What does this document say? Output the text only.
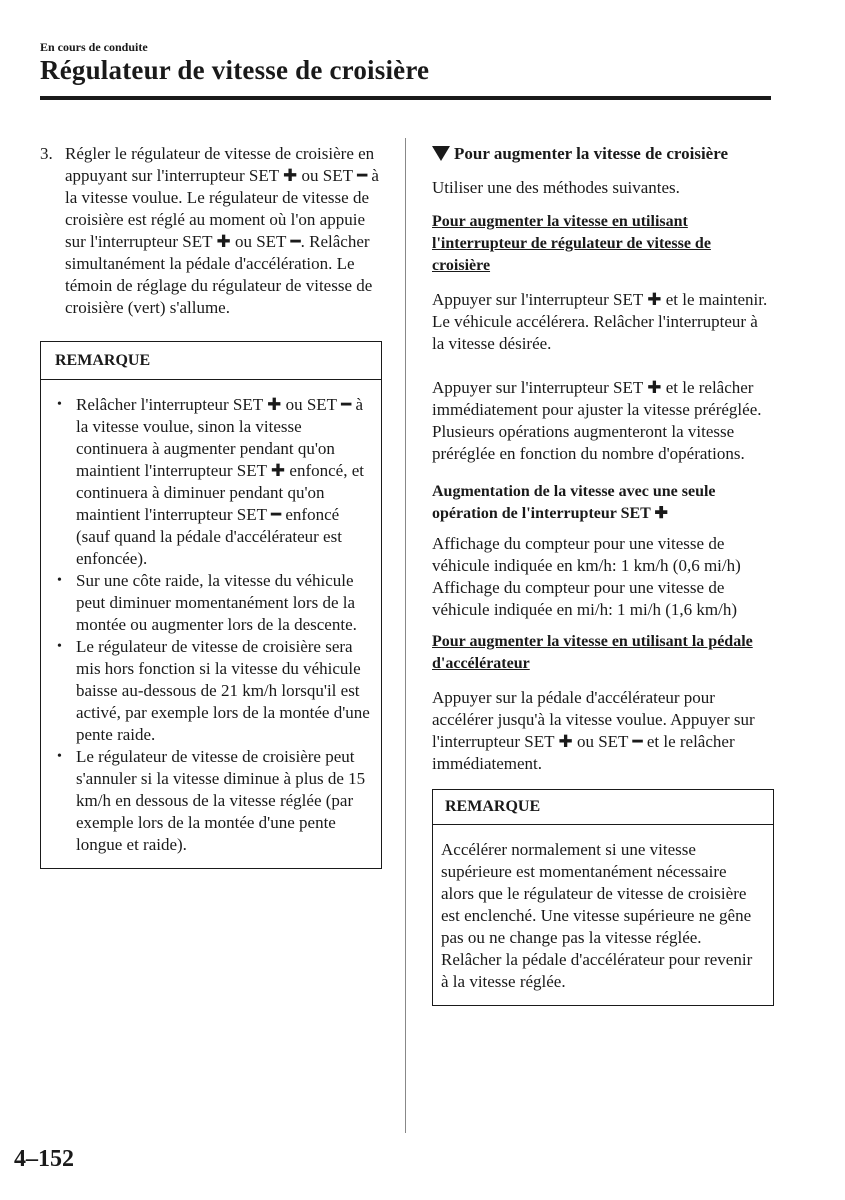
En cours de conduite
Régulateur de vitesse de croisière
3. Régler le régulateur de vitesse de croisière en appuyant sur l'interrupteur SET ✚ ou SET ━ à la vitesse voulue. Le régulateur de vitesse de croisière est réglé au moment où l'on appuie sur l'interrupteur SET ✚ ou SET ━. Relâcher simultanément la pédale d'accélération. Le témoin de réglage du régulateur de vitesse de croisière (vert) s'allume.

REMARQUE
• Relâcher l'interrupteur SET ✚ ou SET ━ à la vitesse voulue, sinon la vitesse continuera à augmenter pendant qu'on maintient l'interrupteur SET ✚ enfoncé, et continuera à diminuer pendant qu'on maintient l'interrupteur SET ━ enfoncé (sauf quand la pédale d'accélérateur est enfoncée).
• Sur une côte raide, la vitesse du véhicule peut diminuer momentanément lors de la montée ou augmenter lors de la descente.
• Le régulateur de vitesse de croisière sera mis hors fonction si la vitesse du véhicule baisse au-dessous de 21 km/h lorsqu'il est activé, par exemple lors de la montée d'une pente raide.
• Le régulateur de vitesse de croisière peut s'annuler si la vitesse diminue à plus de 15 km/h en dessous de la vitesse réglée (par exemple lors de la montée d'une pente longue et raide).
Pour augmenter la vitesse de croisière

Utiliser une des méthodes suivantes.

Pour augmenter la vitesse en utilisant l'interrupteur de régulateur de vitesse de croisière

Appuyer sur l'interrupteur SET ✚ et le maintenir. Le véhicule accélérera. Relâcher l'interrupteur à la vitesse désirée.

Appuyer sur l'interrupteur SET ✚ et le relâcher immédiatement pour ajuster la vitesse préréglée. Plusieurs opérations augmenteront la vitesse préréglée en fonction du nombre d'opérations.

Augmentation de la vitesse avec une seule opération de l'interrupteur SET ✚

Affichage du compteur pour une vitesse de véhicule indiquée en km/h: 1 km/h (0,6 mi/h)

Affichage du compteur pour une vitesse de véhicule indiquée en mi/h: 1 mi/h (1,6 km/h)

Pour augmenter la vitesse en utilisant la pédale d'accélérateur

Appuyer sur la pédale d'accélérateur pour accélérer jusqu'à la vitesse voulue. Appuyer sur l'interrupteur SET ✚ ou SET ━ et le relâcher immédiatement.

REMARQUE
Accélérer normalement si une vitesse supérieure est momentanément nécessaire alors que le régulateur de vitesse de croisière est enclenché. Une vitesse supérieure ne gêne pas ou ne change pas la vitesse réglée. Relâcher la pédale d'accélérateur pour revenir à la vitesse réglée.
4–152
